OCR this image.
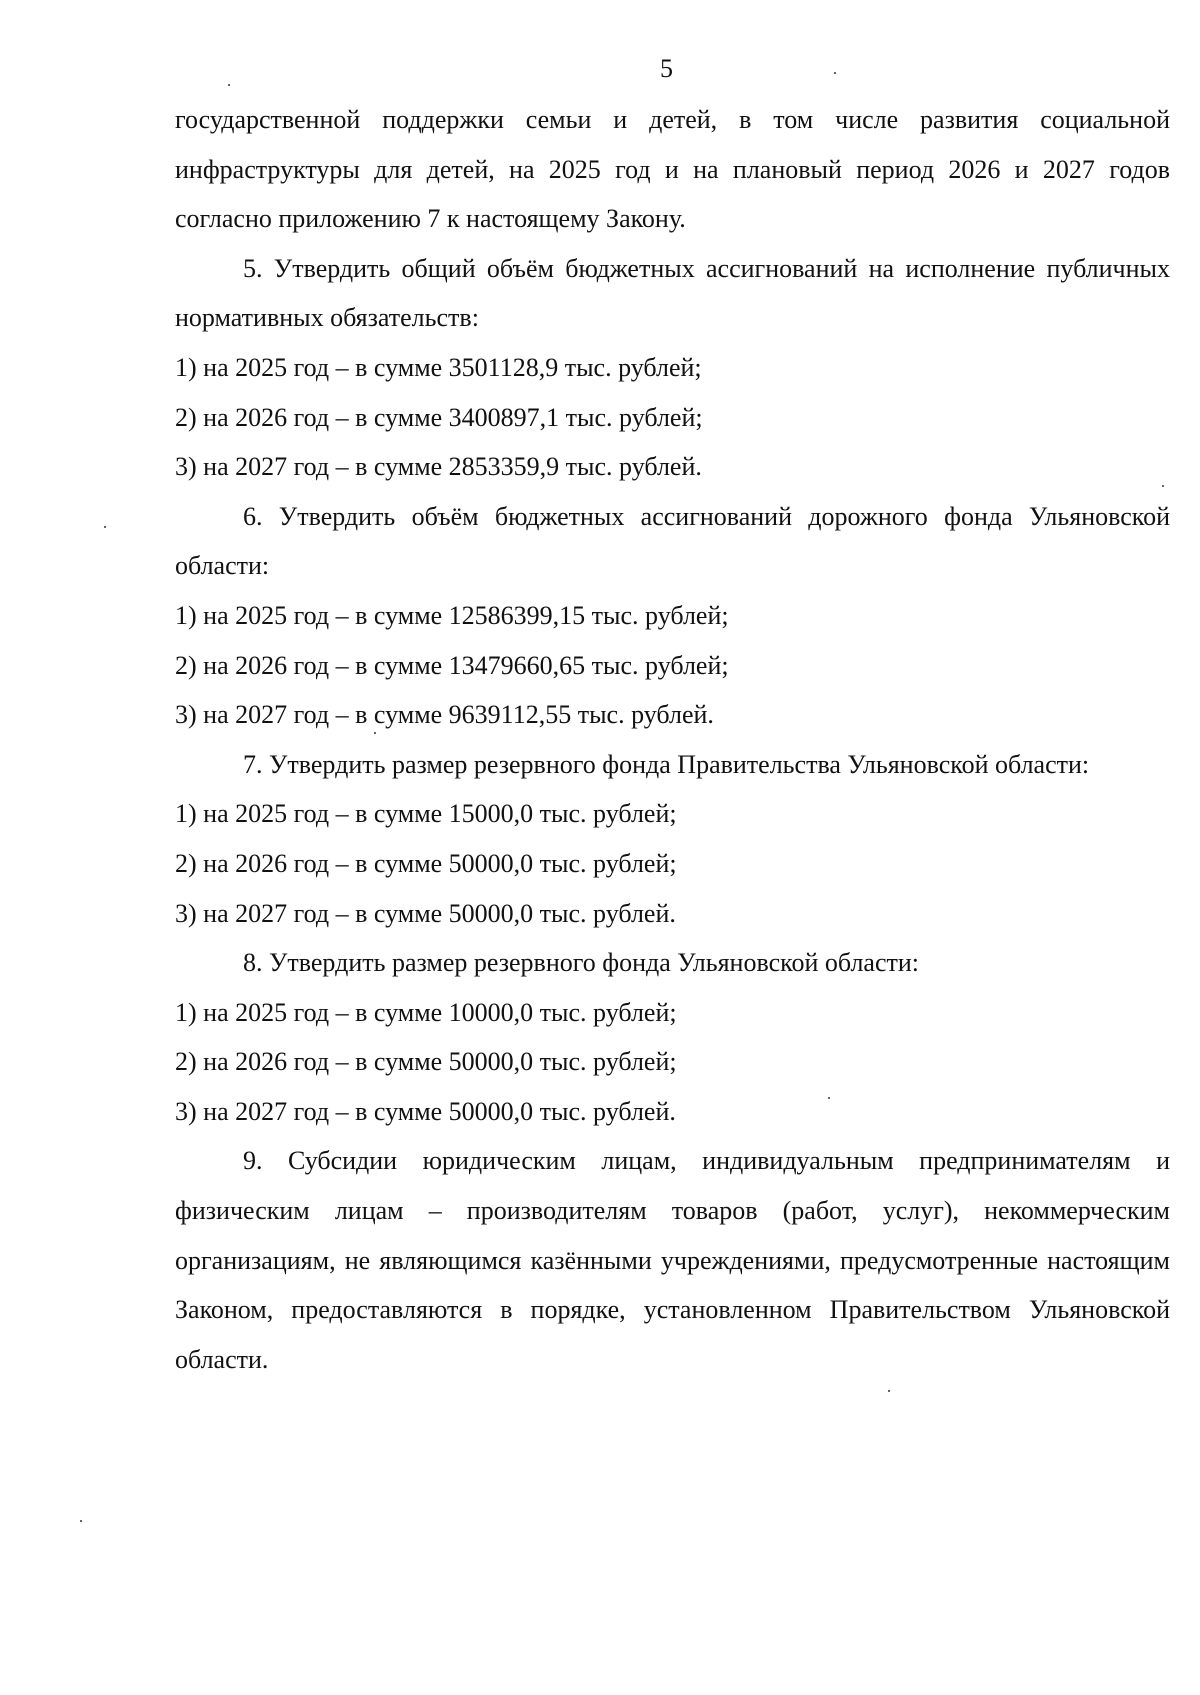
5

государственной поддержки семьи и детей, в том числе развития социальной инфраструктуры для детей, на 2025 год и на плановый период 2026 и 2027 годов согласно приложению 7 к настоящему Закону.

5. Утвердить общий объём бюджетных ассигнований на исполнение публичных нормативных обязательств:

1) на 2025 год – в сумме 3501128,9 тыс. рублей;

2) на 2026 год – в сумме 3400897,1 тыс. рублей;

3) на 2027 год – в сумме 2853359,9 тыс. рублей.

6. Утвердить объём бюджетных ассигнований дорожного фонда Ульяновской области:

1) на 2025 год – в сумме 12586399,15 тыс. рублей;

2) на 2026 год – в сумме 13479660,65 тыс. рублей;

3) на 2027 год – в сумме 9639112,55 тыс. рублей.

7. Утвердить размер резервного фонда Правительства Ульяновской области:

1) на 2025 год – в сумме 15000,0 тыс. рублей;

2) на 2026 год – в сумме 50000,0 тыс. рублей;

3) на 2027 год – в сумме 50000,0 тыс. рублей.

8. Утвердить размер резервного фонда Ульяновской области:

1) на 2025 год – в сумме 10000,0 тыс. рублей;

2) на 2026 год – в сумме 50000,0 тыс. рублей;

3) на 2027 год – в сумме 50000,0 тыс. рублей.

9. Субсидии юридическим лицам, индивидуальным предпринимателям и физическим лицам – производителям товаров (работ, услуг), некоммерческим организациям, не являющимся казёнными учреждениями, предусмотренные настоящим Законом, предоставляются в порядке, установленном Правительством Ульяновской области.
